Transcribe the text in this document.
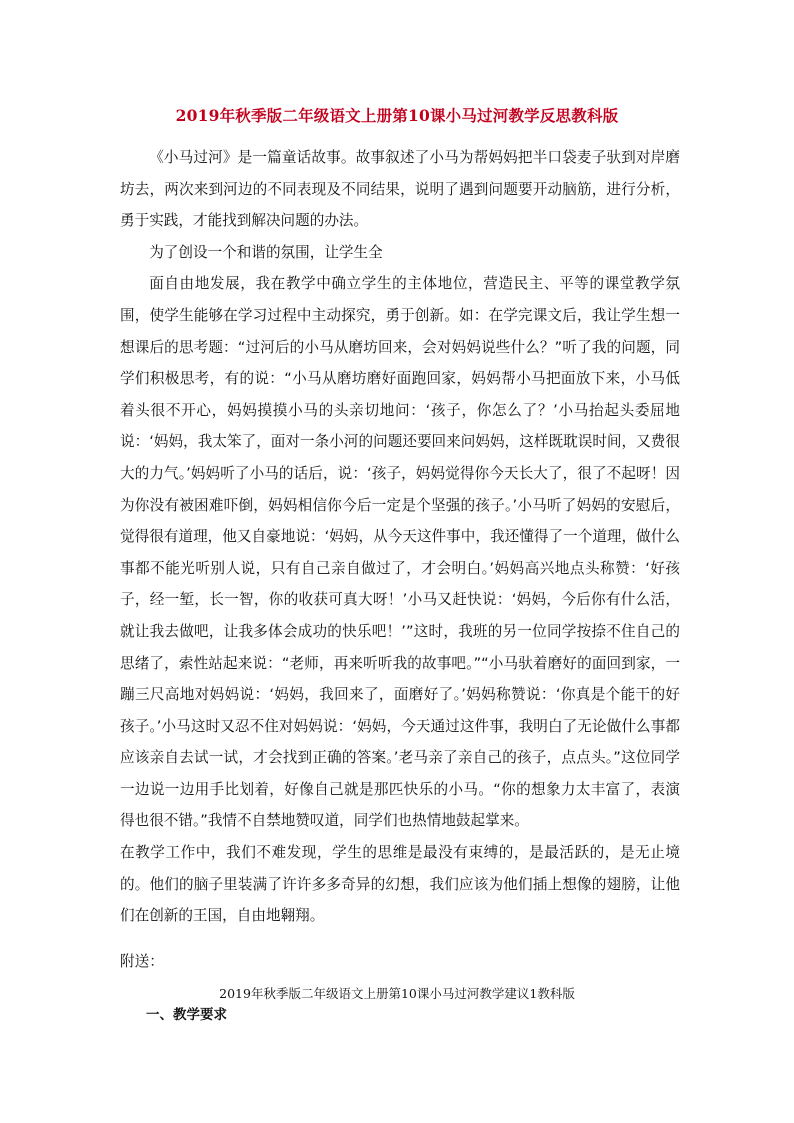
2019年秋季版二年级语文上册第10课小马过河教学反思教科版

《小马过河》是一篇童话故事。故事叙述了小马为帮妈妈把半口袋麦子驮到对岸磨坊去，两次来到河边的不同表现及不同结果，说明了遇到问题要开动脑筋，进行分析，勇于实践，才能找到解决问题的办法。

为了创设一个和谐的氛围，让学生全

面自由地发展，我在教学中确立学生的主体地位，营造民主、平等的课堂教学氛围，使学生能够在学习过程中主动探究，勇于创新。如：在学完课文后，我让学生想一想课后的思考题：“过河后的小马从磨坊回来，会对妈妈说些什么？”听了我的问题，同学们积极思考，有的说：“小马从磨坊磨好面跑回家，妈妈帮小马把面放下来，小马低着头很不开心，妈妈摸摸小马的头亲切地问：‘孩子，你怎么了？’小马抬起头委屈地说：‘妈妈，我太笨了，面对一条小河的问题还要回来问妈妈，这样既耽误时间，又费很大的力气。’妈妈听了小马的话后，说：‘孩子，妈妈觉得你今天长大了，很了不起呀！因为你没有被困难吓倒，妈妈相信你今后一定是个坚强的孩子。’小马听了妈妈的安慰后，觉得很有道理，他又自豪地说：‘妈妈，从今天这件事中，我还懂得了一个道理，做什么事都不能光听别人说，只有自己亲自做过了，才会明白。’妈妈高兴地点头称赞：‘好孩子，经一堑，长一智，你的收获可真大呀！’小马又赶快说：‘妈妈，今后你有什么活，就让我去做吧，让我多体会成功的快乐吧！’”这时，我班的另一位同学按捺不住自己的思绪了，索性站起来说：“老师，再来听听我的故事吧。”“小马驮着磨好的面回到家，一蹦三尺高地对妈妈说：‘妈妈，我回来了，面磨好了。’妈妈称赞说：‘你真是个能干的好孩子。’小马这时又忍不住对妈妈说：‘妈妈，今天通过这件事，我明白了无论做什么事都应该亲自去试一试，才会找到正确的答案。’老马亲了亲自己的孩子，点点头。”这位同学一边说一边用手比划着，好像自己就是那匹快乐的小马。“你的想象力太丰富了，表演得也很不错。”我情不自禁地赞叹道，同学们也热情地鼓起掌来。

在教学工作中，我们不难发现，学生的思维是最没有束缚的，是最活跃的，是无止境的。他们的脑子里装满了许许多多奇异的幻想，我们应该为他们插上想像的翅膀，让他们在创新的王国，自由地翱翔。

附送：
2019年秋季版二年级语文上册第10课小马过河教学建议1教科版
一、教学要求
